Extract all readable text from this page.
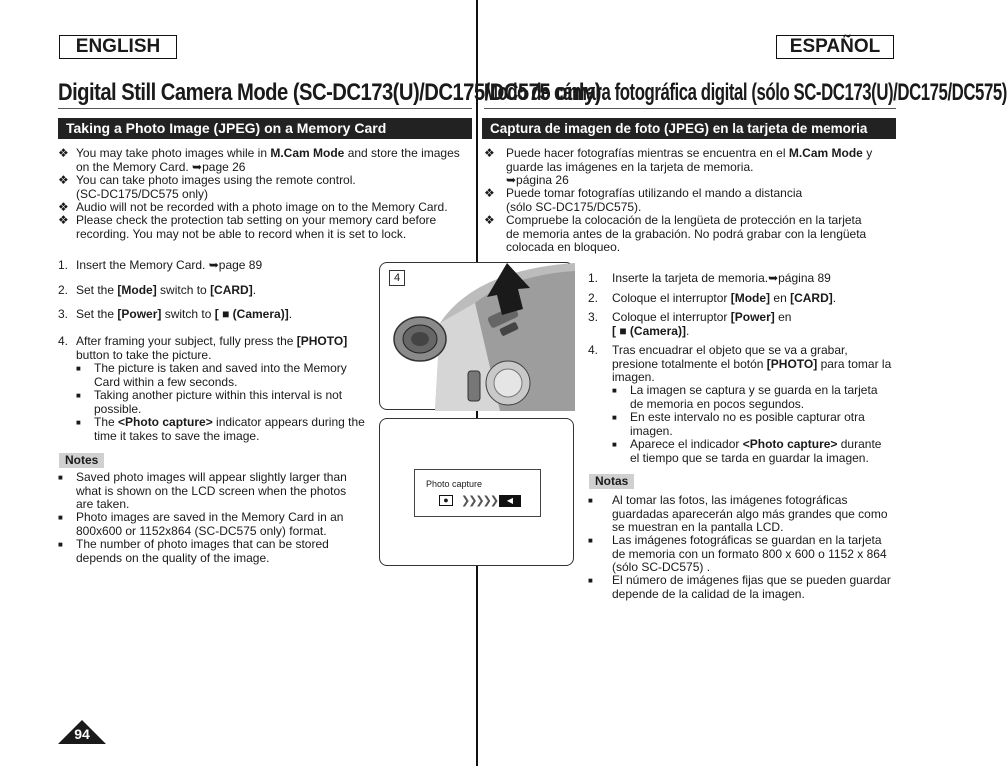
ENGLISH	ESPAÑOL
Digital Still Camera Mode (SC-DC173(U)/DC175/DC575 only)
Modo de cámara fotográfica digital (sólo SC-DC173(U)/DC175/DC575)
Taking a Photo Image (JPEG) on a Memory Card	Captura de imagen de foto (JPEG) en la tarjeta de memoria
❖ You may take photo images while in M.Cam Mode and store the images
on the Memory Card. ➥page 26
❖ You can take photo images using the remote control.
(SC-DC175/DC575 only)
❖ Audio will not be recorded with a photo image on to the Memory Card.
❖ Please check the protection tab setting on your memory card before
recording. You may not be able to record when it is set to lock.
1. Insert the Memory Card. ➥page 89
2. Set the [Mode] switch to [CARD].
3. Set the [Power] switch to [ ■ (Camera)].
4. After framing your subject, fully press the [PHOTO]
button to take the picture.
■ The picture is taken and saved into the Memory
Card within a few seconds.
■ Taking another picture within this interval is not
possible.
■ The <Photo capture> indicator appears during the
time it takes to save the image.
Notes
■ Saved photo images will appear slightly larger than
what is shown on the LCD screen when the photos
are taken.
■ Photo images are saved in the Memory Card in an
800x600 or 1152x864 (SC-DC575 only) format.
■ The number of photo images that can be stored
depends on the quality of the image.
4
Photo capture
●	❯❯❯❯❯	◀
❖ Puede hacer fotografías mientras se encuentra en el M.Cam Mode y
guarde las imágenes en la tarjeta de memoria.
➥página 26
❖ Puede tomar fotografías utilizando el mando a distancia
(sólo SC-DC175/DC575).
❖ Compruebe la colocación de la lengüeta de protección en la tarjeta
de memoria antes de la grabación. No podrá grabar con la lengüeta
colocada en bloqueo.
1. Inserte la tarjeta de memoria.➥página 89
2. Coloque el interruptor [Mode] en [CARD].
3. Coloque el interruptor [Power] en
[ ■ (Camera)].
4. Tras encuadrar el objeto que se va a grabar,
presione totalmente el botón [PHOTO] para tomar la
imagen.
■ La imagen se captura y se guarda en la tarjeta
de memoria en pocos segundos.
■ En este intervalo no es posible capturar otra
imagen.
■ Aparece el indicador <Photo capture> durante
el tiempo que se tarda en guardar la imagen.
Notas
■ Al tomar las fotos, las imágenes fotográficas
guardadas aparecerán algo más grandes que como
se muestran en la pantalla LCD.
■ Las imágenes fotográficas se guardan en la tarjeta
de memoria con un formato 800 x 600 o 1152 x 864
(sólo SC-DC575) .
■ El número de imágenes fijas que se pueden guardar
depende de la calidad de la imagen.
94
